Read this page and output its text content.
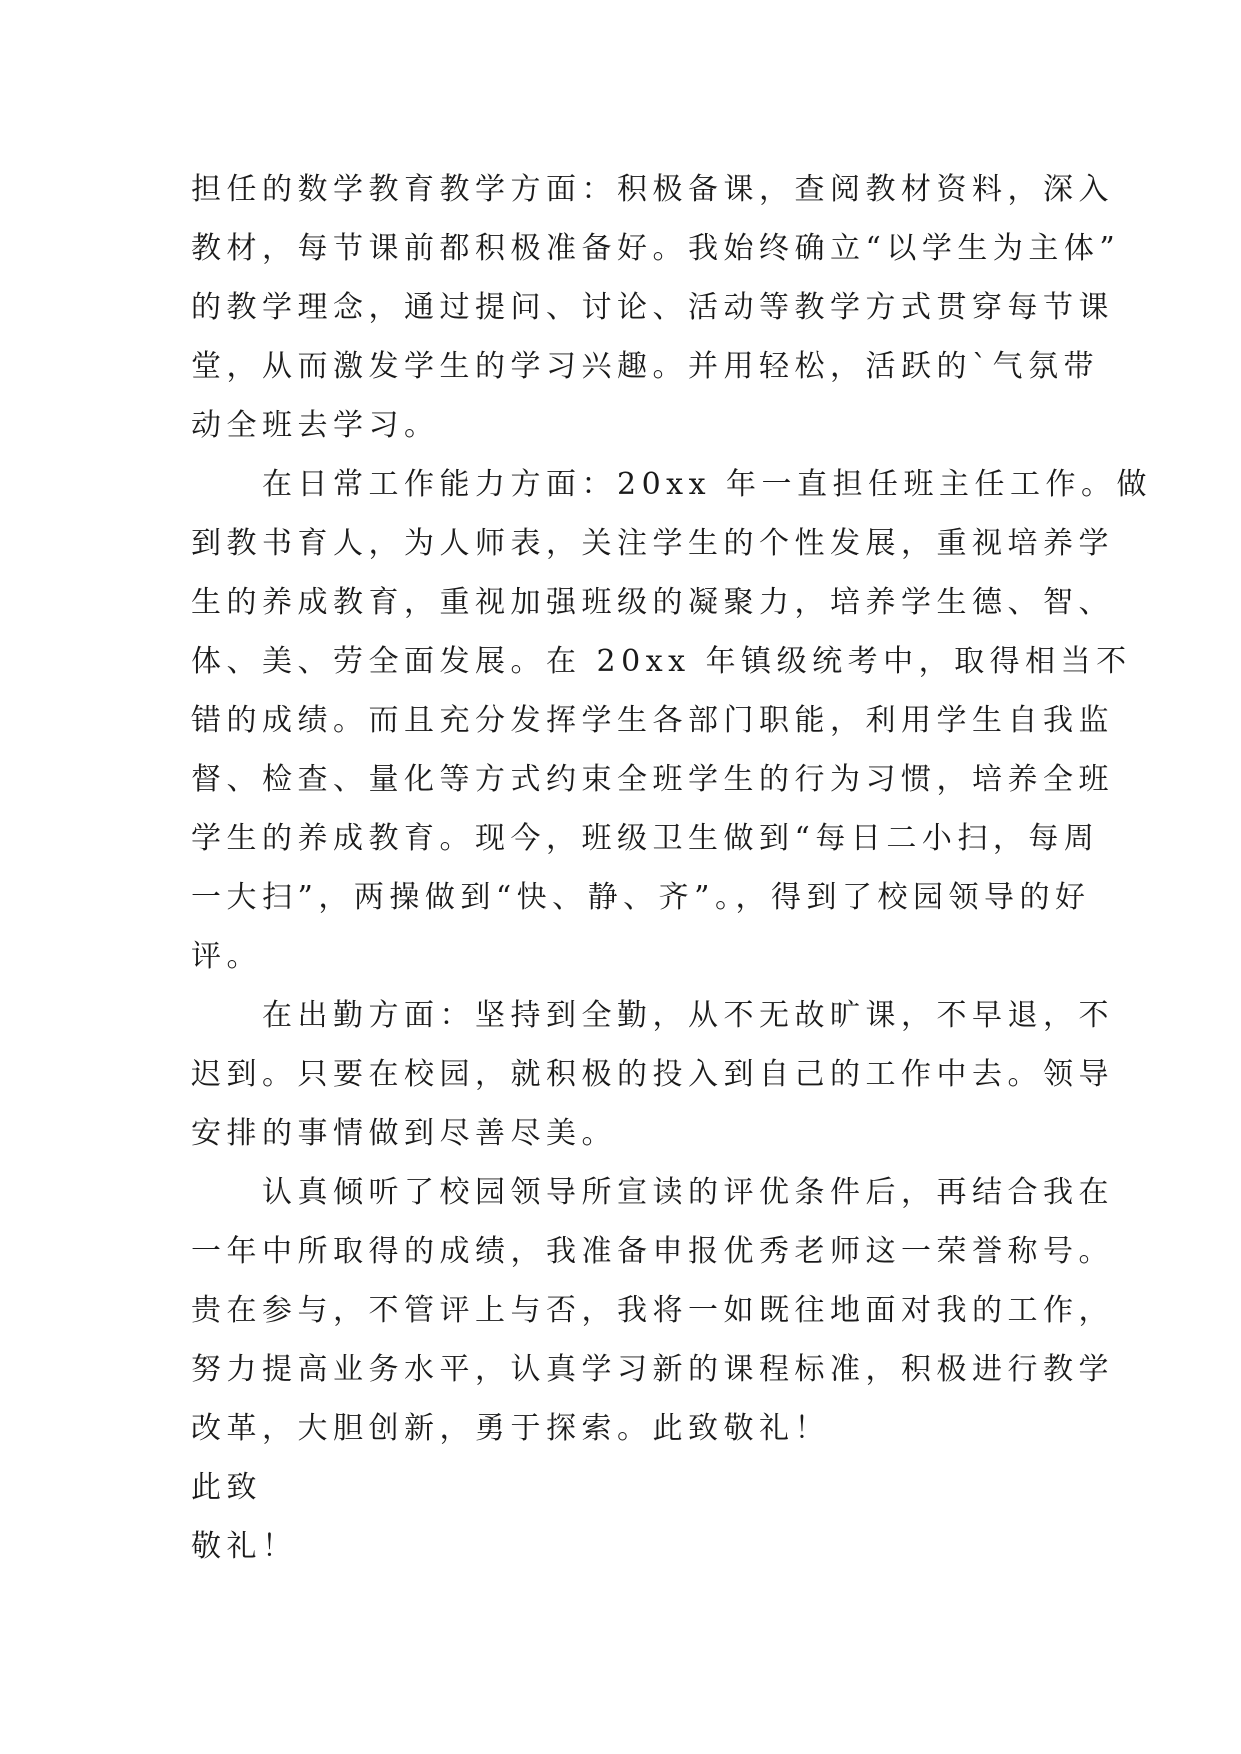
担任的数学教育教学方面：积极备课，查阅教材资料，深入
教材，每节课前都积极准备好。我始终确立“以学生为主体”
的教学理念，通过提问、讨论、活动等教学方式贯穿每节课
堂，从而激发学生的学习兴趣。并用轻松，活跃的`气氛带
动全班去学习。
　　在日常工作能力方面：20xx 年一直担任班主任工作。做
到教书育人，为人师表，关注学生的个性发展，重视培养学
生的养成教育，重视加强班级的凝聚力，培养学生德、智、
体、美、劳全面发展。在 20xx 年镇级统考中，取得相当不
错的成绩。而且充分发挥学生各部门职能，利用学生自我监
督、检查、量化等方式约束全班学生的行为习惯，培养全班
学生的养成教育。现今，班级卫生做到“每日二小扫，每周
一大扫”，两操做到“快、静、齐”。，得到了校园领导的好
评。
　　在出勤方面：坚持到全勤，从不无故旷课，不早退，不
迟到。只要在校园，就积极的投入到自己的工作中去。领导
安排的事情做到尽善尽美。
　　认真倾听了校园领导所宣读的评优条件后，再结合我在
一年中所取得的成绩，我准备申报优秀老师这一荣誉称号。
贵在参与，不管评上与否，我将一如既往地面对我的工作，
努力提高业务水平，认真学习新的课程标准，积极进行教学
改革，大胆创新，勇于探索。此致敬礼！
此致
敬礼！
